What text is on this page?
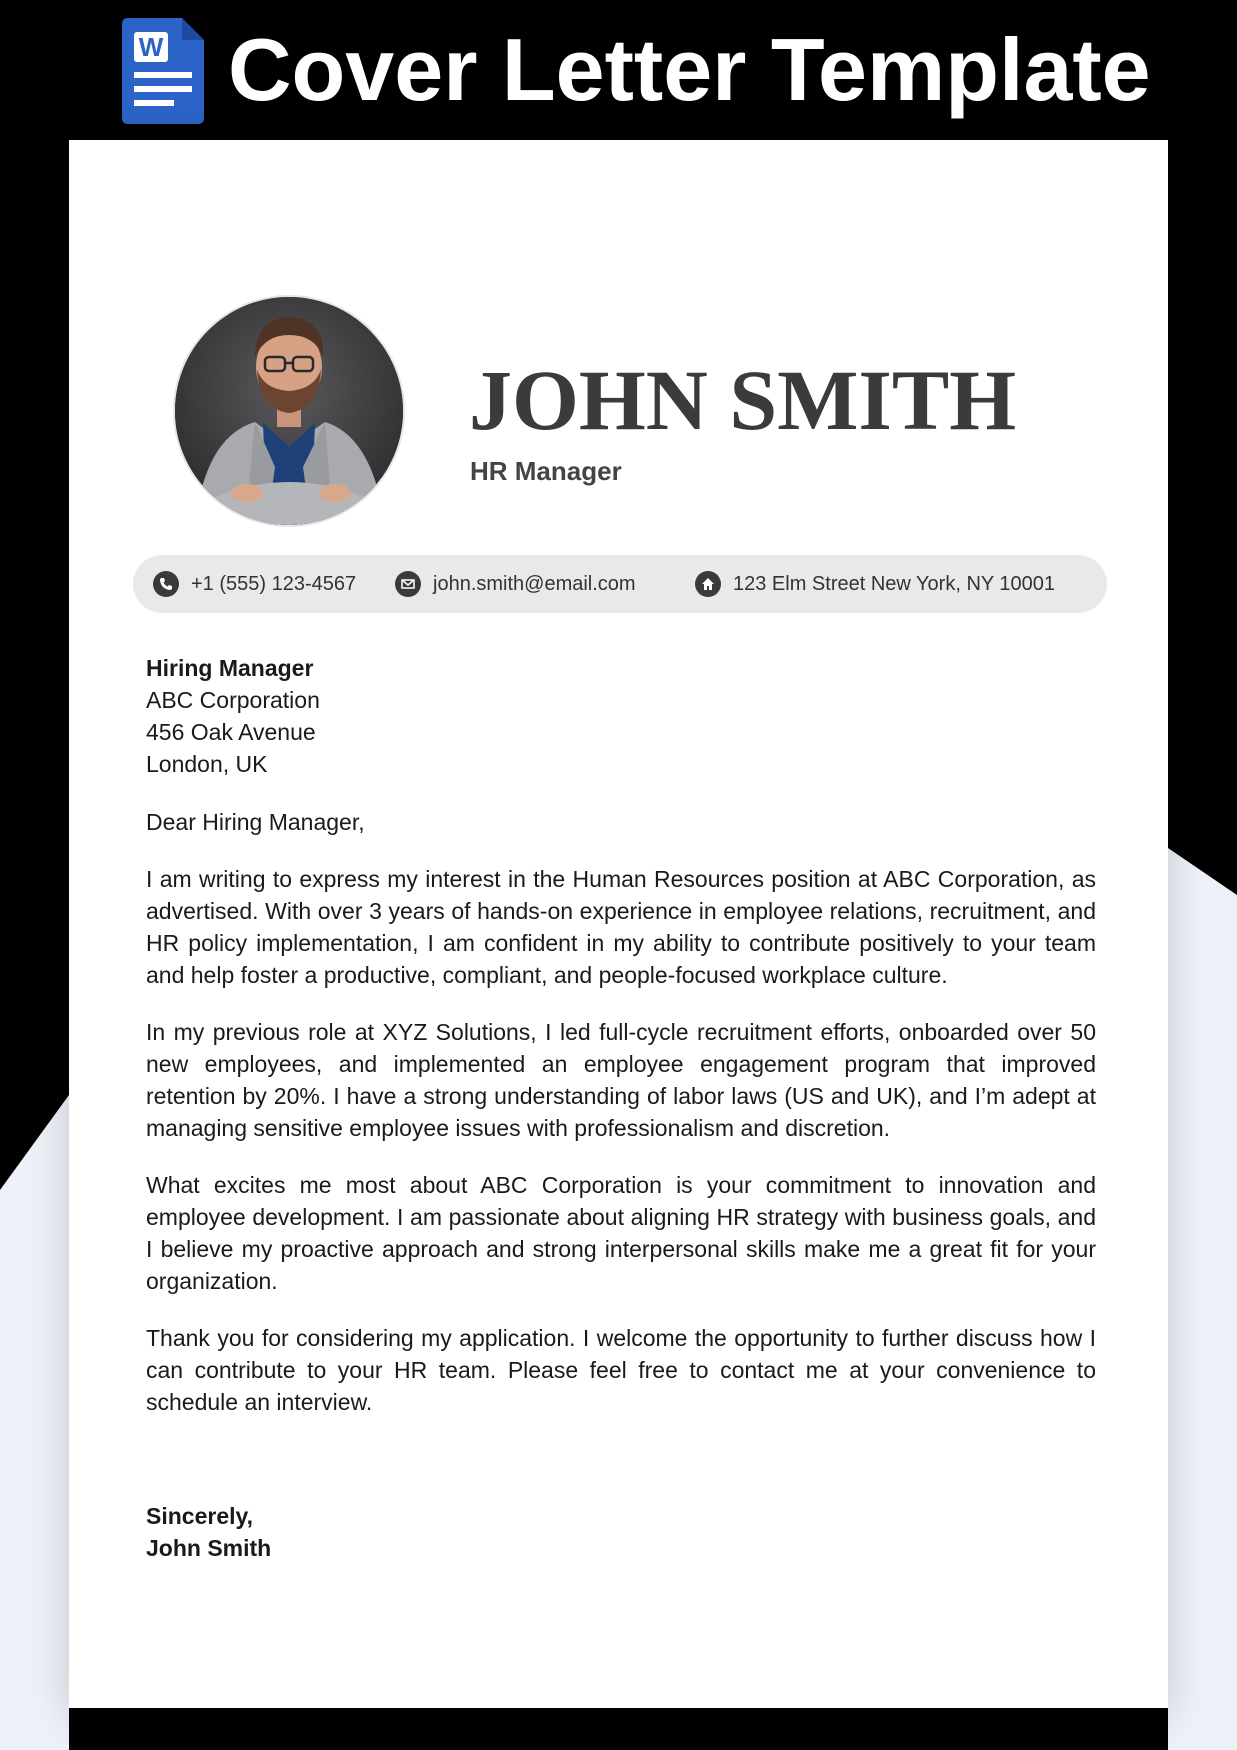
W Cover Letter Template
JOHN SMITH
HR Manager
+1 (555) 123-4567	john.smith@email.com	123 Elm Street New York, NY 10001
Hiring Manager
ABC Corporation
456 Oak Avenue
London, UK
Dear Hiring Manager,

I am writing to express my interest in the Human Resources position at ABC Corporation, as advertised. With over 3 years of hands-on experience in employee relations, recruitment, and HR policy implementation, I am confident in my ability to contribute positively to your team and help foster a productive, compliant, and people-focused workplace culture.

In my previous role at XYZ Solutions, I led full-cycle recruitment efforts, onboarded over 50 new employees, and implemented an employee engagement program that improved retention by 20%. I have a strong understanding of labor laws (US and UK), and I’m adept at managing sensitive employee issues with professionalism and discretion.

What excites me most about ABC Corporation is your commitment to innovation and employee development. I am passionate about aligning HR strategy with business goals, and I believe my proactive approach and strong interpersonal skills make me a great fit for your organization.

Thank you for considering my application. I welcome the opportunity to further discuss how I can contribute to your HR team. Please feel free to contact me at your convenience to schedule an interview.

Sincerely,
John Smith
